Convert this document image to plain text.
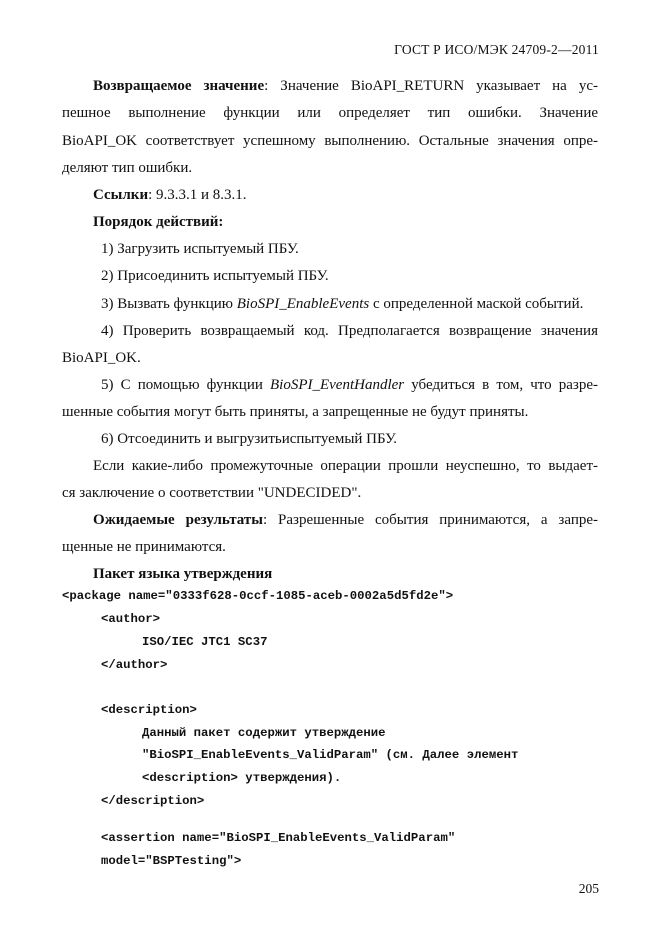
ГОСТ Р ИСО/МЭК 24709-2—2011
Возвращаемое значение: Значение BioAPI_RETURN указывает на ус-
пешное выполнение функции или определяет тип ошибки. Значение
BioAPI_OK соответствует успешному выполнению. Остальные значения опре-
деляют тип ошибки.
Ссылки: 9.3.3.1 и 8.3.1.
Порядок действий:
1) Загрузить испытуемый ПБУ.
2) Присоединить испытуемый ПБУ.
3) Вызвать функцию BioSPI_EnableEvents с определенной маской событий.
4) Проверить возвращаемый код. Предполагается возвращение значения
BioAPI_OK.
5) С помощью функции BioSPI_EventHandler убедиться в том, что разре-
шенные события могут быть приняты, а запрещенные не будут приняты.
6) Отсоединить и выгрузитьиспытуемый ПБУ.
Если какие-либо промежуточные операции прошли неуспешно, то выдает-
ся заключение о соответствии "UNDECIDED".
Ожидаемые результаты: Разрешенные события принимаются, а запре-
щенные не принимаются.
Пакет языка утверждения
<package name="0333f628-0ccf-1085-aceb-0002a5d5fd2e">
<author>
ISO/IEC JTC1 SC37
</author>
<description>
Данный пакет содержит утверждение
"BioSPI_EnableEvents_ValidParam" (см. Далее элемент
<description> утверждения).
</description>
<assertion name="BioSPI_EnableEvents_ValidParam"
model="BSPTesting">
205
